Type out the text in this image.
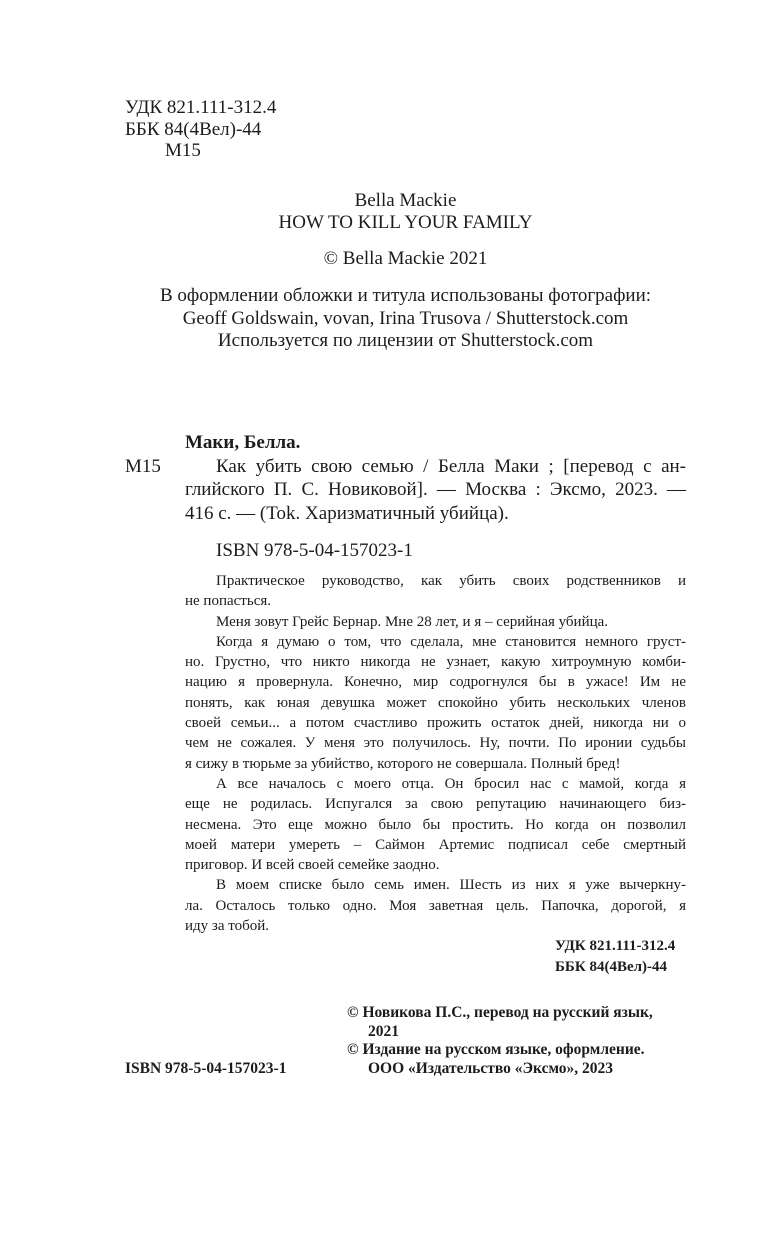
УДК 821.111-312.4
ББК 84(4Вел)-44
М15
Bella Mackie
HOW TO KILL YOUR FAMILY
© Bella Mackie 2021
В оформлении обложки и титула использованы фотографии:
Geoff Goldswain, vovan, Irina Trusova / Shutterstock.com
Используется по лицензии от Shutterstock.com
Маки, Белла.
Как убить свою семью / Белла Маки ; [перевод с ан-
глийского П. С. Новиковой]. — Москва : Эксмо, 2023. —
416 с. — (Tok. Харизматичный убийца).
М15
ISBN 978-5-04-157023-1
Практическое руководство, как убить своих родственников и
не попасться.
Меня зовут Грейс Бернар. Мне 28 лет, и я – серийная убийца.
Когда я думаю о том, что сделала, мне становится немного груст-
но. Грустно, что никто никогда не узнает, какую хитроумную комби-
нацию я провернула. Конечно, мир содрогнулся бы в ужасе! Им не
понять, как юная девушка может спокойно убить нескольких членов
своей семьи... а потом счастливо прожить остаток дней, никогда ни о
чем не сожалея. У меня это получилось. Ну, почти. По иронии судьбы
я сижу в тюрьме за убийство, которого не совершала. Полный бред!
А все началось с моего отца. Он бросил нас с мамой, когда я
еще не родилась. Испугался за свою репутацию начинающего биз-
несмена. Это еще можно было бы простить. Но когда он позволил
моей матери умереть – Саймон Артемис подписал себе смертный
приговор. И всей своей семейке заодно.
В моем списке было семь имен. Шесть из них я уже вычеркну-
ла. Осталось только одно. Моя заветная цель. Папочка, дорогой, я
иду за тобой.
УДК 821.111-312.4
ББК 84(4Вел)-44
© Новикова П.С., перевод на русский язык,
2021
© Издание на русском языке, оформление.
ООО «Издательство «Эксмо», 2023
ISBN 978-5-04-157023-1
